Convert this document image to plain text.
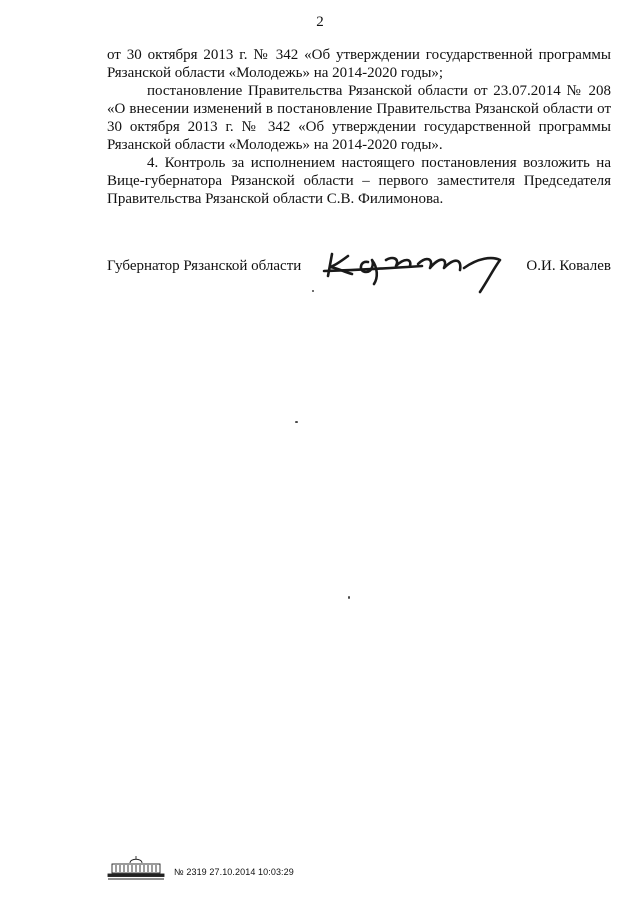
2

от 30 октября 2013 г. № 342 «Об утверждении государственной программы Рязанской области «Молодежь» на 2014-2020 годы»;

постановление Правительства Рязанской области от 23.07.2014 № 208 «О внесении изменений в постановление Правительства Рязанской области от 30 октября 2013 г. № 342 «Об утверждении государственной программы Рязанской области «Молодежь» на 2014-2020 годы».

4. Контроль за исполнением настоящего постановления возложить на Вице-губернатора Рязанской области – первого заместителя Председателя Правительства Рязанской области С.В. Филимонова.

Губернатор Рязанской области	О.И. Ковалев
№ 2319 27.10.2014 10:03:29
